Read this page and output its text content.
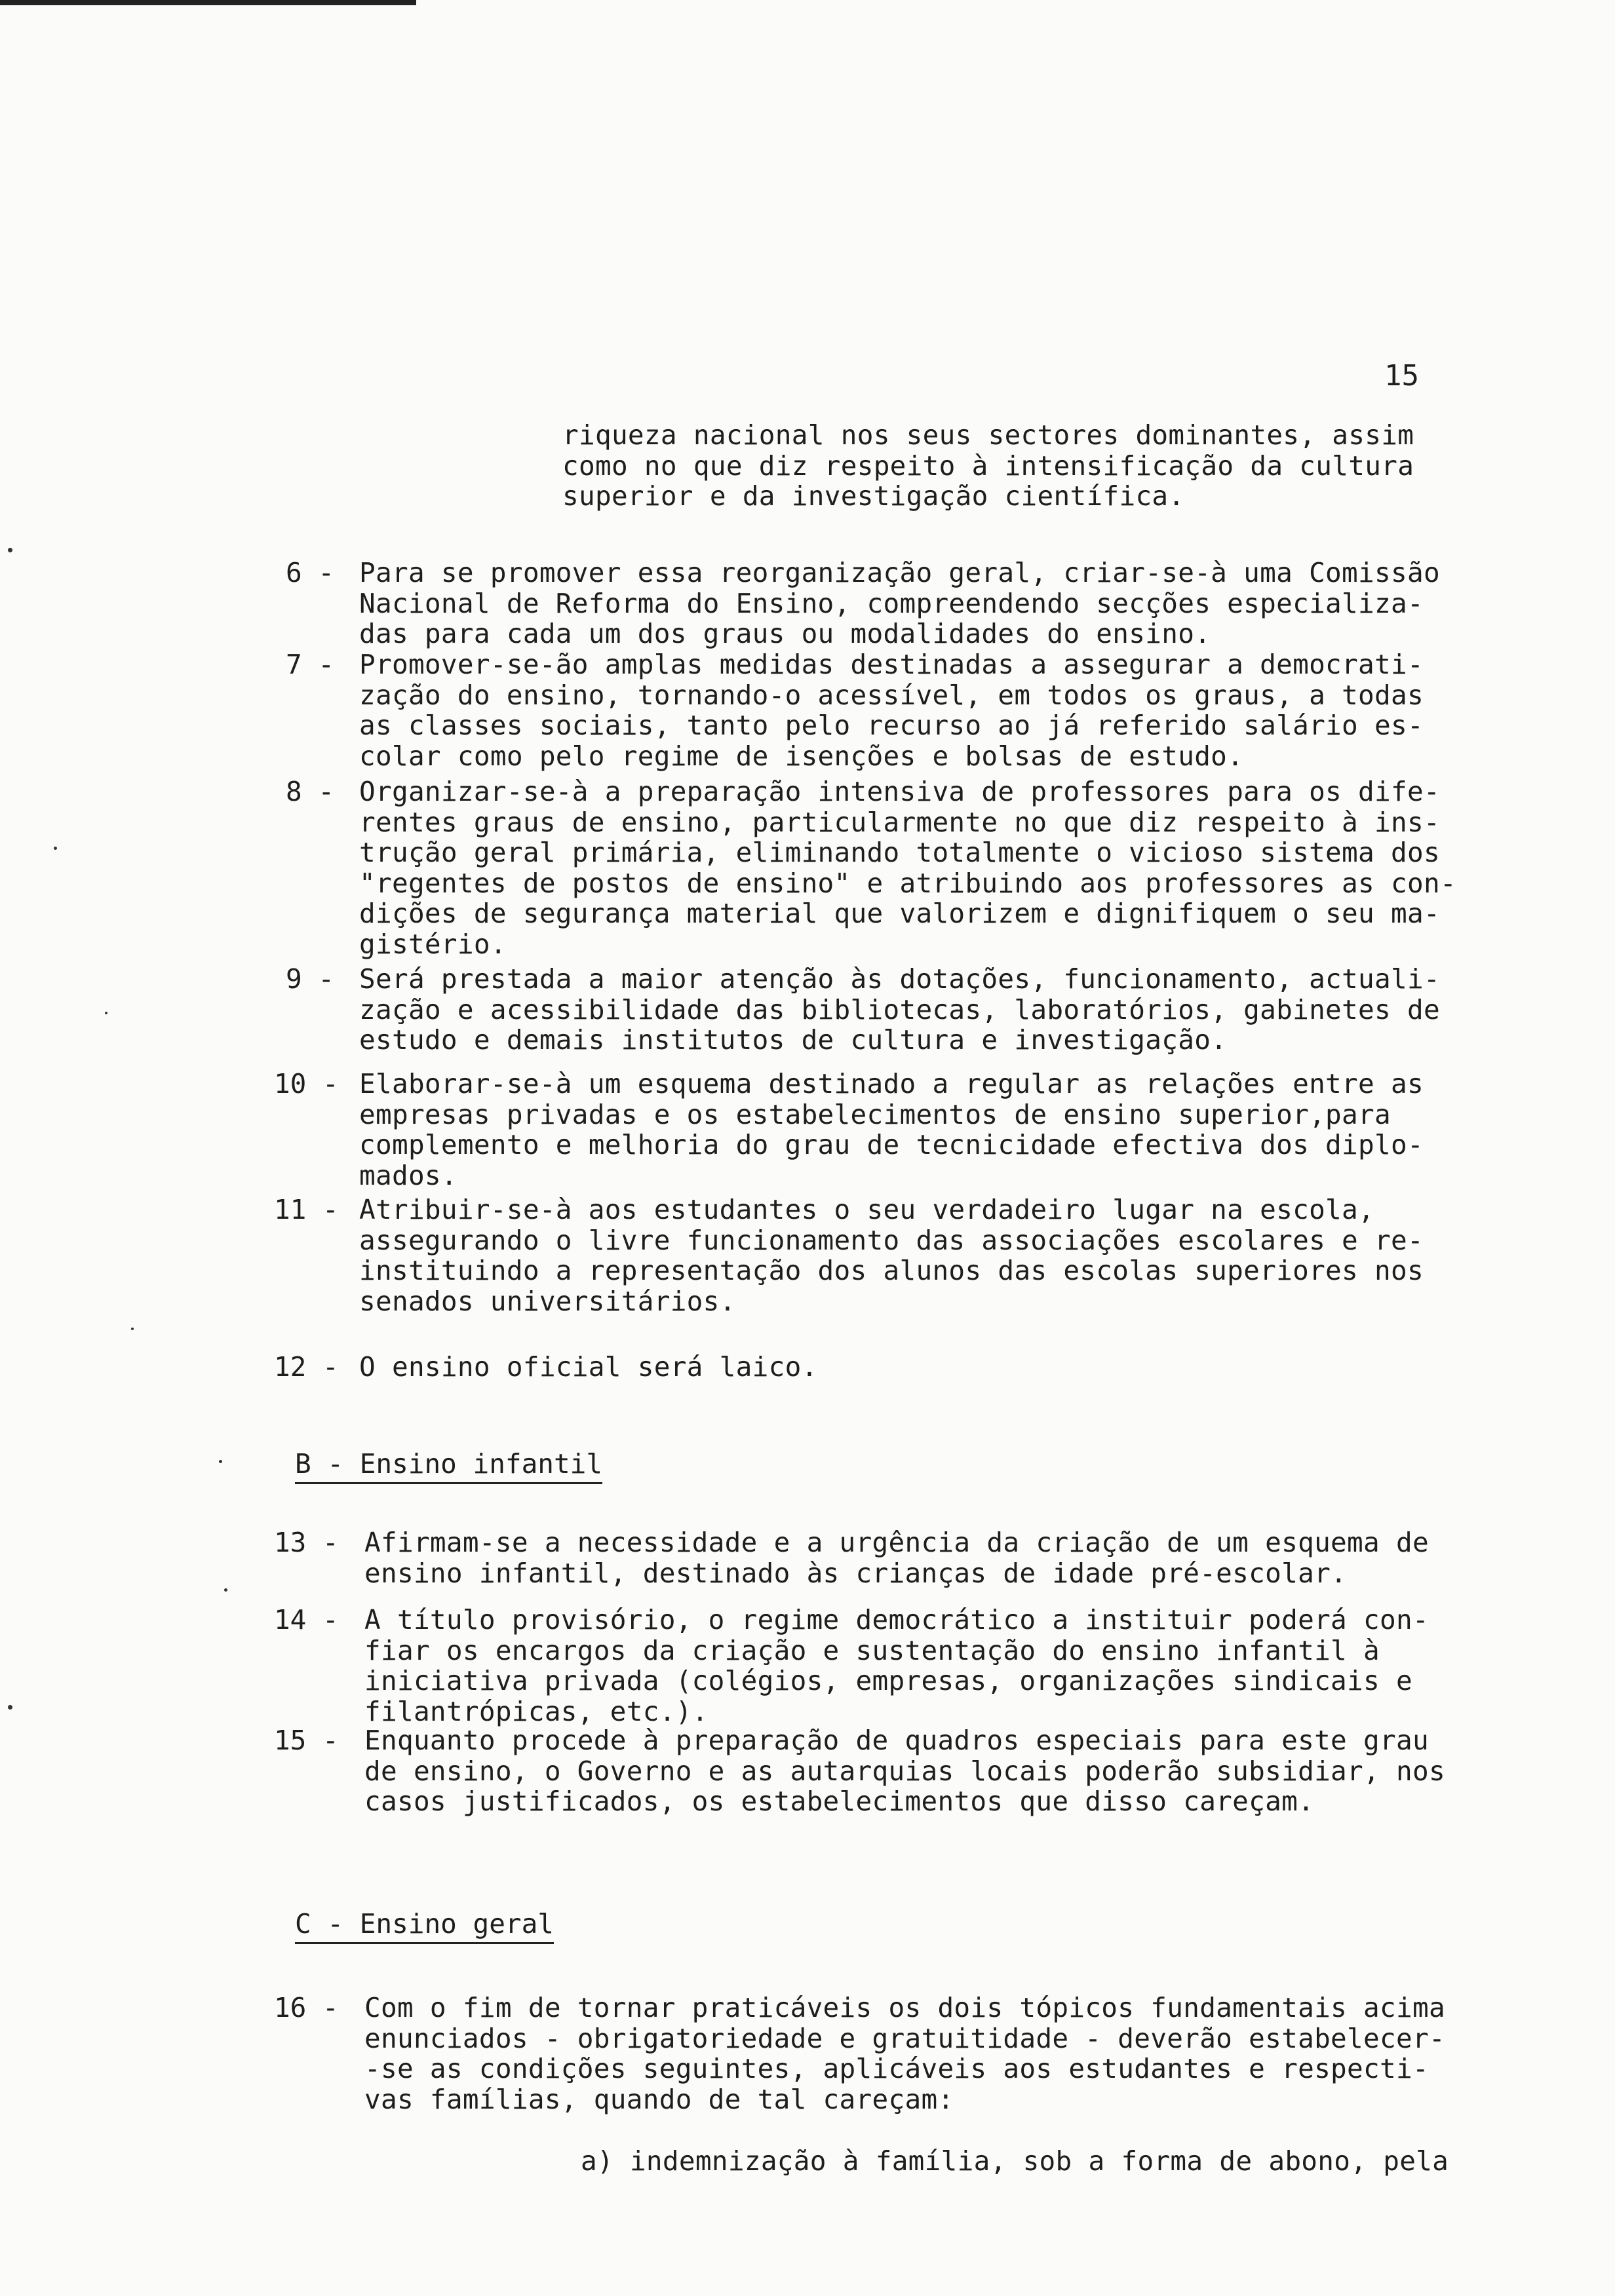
15
riqueza nacional nos seus sectores dominantes, assim
como no que diz respeito à intensificação da cultura
superior e da investigação científica.
6 - Para se promover essa reorganização geral, criar-se-à uma Comissão
Nacional de Reforma do Ensino, compreendendo secções especializa-
das para cada um dos graus ou modalidades do ensino.
7 - Promover-se-ão amplas medidas destinadas a assegurar a democrati-
zação do ensino, tornando-o acessível, em todos os graus, a todas
as classes sociais, tanto pelo recurso ao já referido salário es-
colar como pelo regime de isenções e bolsas de estudo.
8 - Organizar-se-à a preparação intensiva de professores para os dife-
rentes graus de ensino, particularmente no que diz respeito à ins-
trução geral primária, eliminando totalmente o vicioso sistema dos
"regentes de postos de ensino" e atribuindo aos professores as con-
dições de segurança material que valorizem e dignifiquem o seu ma-
gistério.
9 - Será prestada a maior atenção às dotações, funcionamento, actuali-
zação e acessibilidade das bibliotecas, laboratórios, gabinetes de
estudo e demais institutos de cultura e investigação.
10 - Elaborar-se-à um esquema destinado a regular as relações entre as
empresas privadas e os estabelecimentos de ensino superior,para
complemento e melhoria do grau de tecnicidade efectiva dos diplo-
mados.
11 - Atribuir-se-à aos estudantes o seu verdadeiro lugar na escola,
assegurando o livre funcionamento das associações escolares e re-
instituindo a representação dos alunos das escolas superiores nos
senados universitários.
12 - O ensino oficial será laico.
B - Ensino infantil
13 - Afirmam-se a necessidade e a urgência da criação de um esquema de
ensino infantil, destinado às crianças de idade pré-escolar.
14 - A título provisório, o regime democrático a instituir poderá con-
fiar os encargos da criação e sustentação do ensino infantil à
iniciativa privada (colégios, empresas, organizações sindicais e
filantrópicas, etc.).
15 - Enquanto procede à preparação de quadros especiais para este grau
de ensino, o Governo e as autarquias locais poderão subsidiar, nos
casos justificados, os estabelecimentos que disso careçam.
C - Ensino geral
16 - Com o fim de tornar praticáveis os dois tópicos fundamentais acima
enunciados - obrigatoriedade e gratuitidade - deverão estabelecer-
-se as condições seguintes, aplicáveis aos estudantes e respecti-
vas famílias, quando de tal careçam:
a) indemnização à família, sob a forma de abono, pela
